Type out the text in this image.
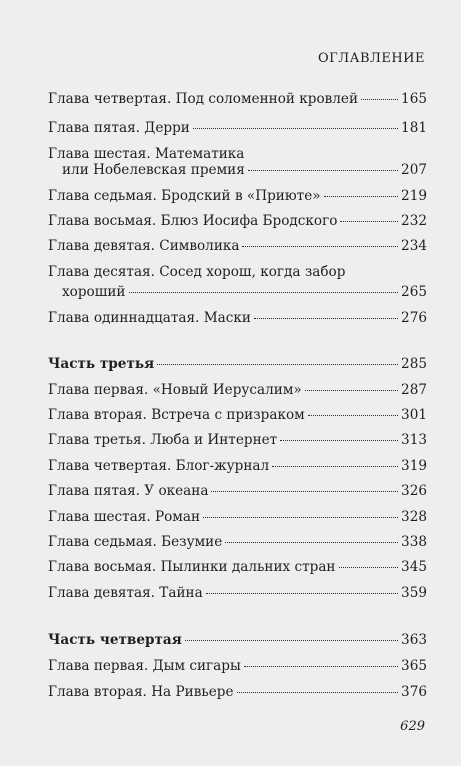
ОГЛАВЛЕНИЕ
Глава четвертая. Под соломенной кровлей	165
Глава пятая. Дерри	181
Глава шестая. Математика
или Нобелевская премия	207
Глава седьмая. Бродский в «Приюте»	219
Глава восьмая. Блюз Иосифа Бродского	232
Глава девятая. Символика	234
Глава десятая. Сосед хорош, когда забор
хороший	265
Глава одиннадцатая. Маски	276
Часть третья	285
Глава первая. «Новый Иерусалим»	287
Глава вторая. Встреча с призраком	301
Глава третья. Люба и Интернет	313
Глава четвертая. Блог-журнал	319
Глава пятая. У океана	326
Глава шестая. Роман	328
Глава седьмая. Безумие	338
Глава восьмая. Пылинки дальних стран	345
Глава девятая. Тайна	359
Часть четвертая	363
Глава первая. Дым сигары	365
Глава вторая. На Ривьере	376
629
